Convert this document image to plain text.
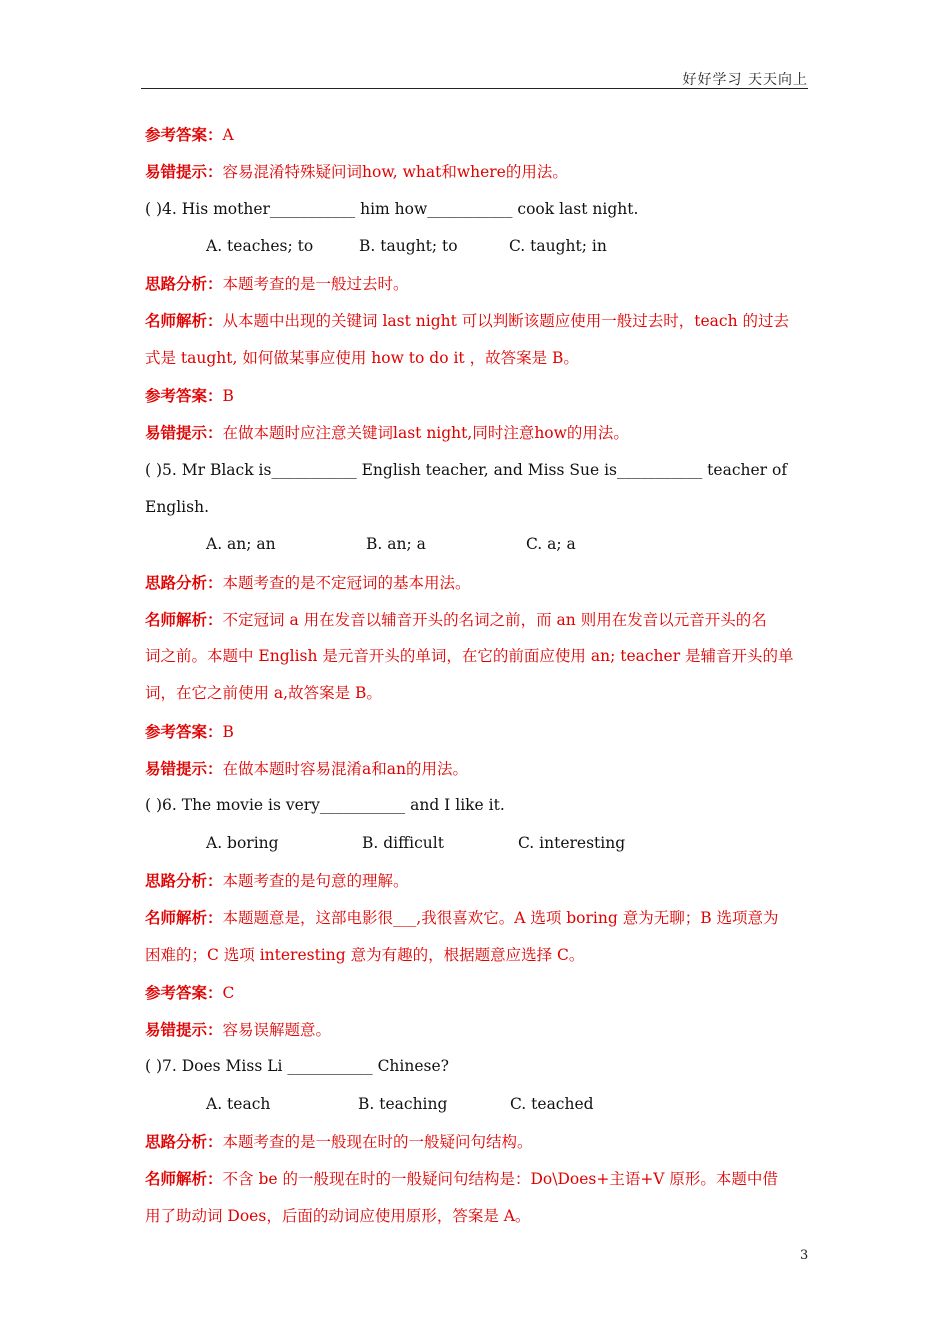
好好学习 天天向上
参考答案：A
易错提示：容易混淆特殊疑问词how, what和where的用法。
( )4. His mother___________ him how___________ cook last night.
A. teaches; to	B. taught; to	C. taught; in
思路分析：本题考查的是一般过去时。
名师解析：从本题中出现的关键词 last night 可以判断该题应使用一般过去时，teach 的过去
式是 taught, 如何做某事应使用 how to do it ，故答案是 B。
参考答案：B
易错提示：在做本题时应注意关键词last night,同时注意how的用法。
( )5. Mr Black is___________ English teacher, and Miss Sue is___________ teacher of
English.
A. an; an	B. an; a	C. a; a
思路分析：本题考查的是不定冠词的基本用法。
名师解析：不定冠词 a 用在发音以辅音开头的名词之前，而 an 则用在发音以元音开头的名
词之前。本题中 English 是元音开头的单词，在它的前面应使用 an; teacher 是辅音开头的单
词，在它之前使用 a,故答案是 B。
参考答案：B
易错提示：在做本题时容易混淆a和an的用法。
( )6. The movie is very___________ and I like it.
A. boring	B. difficult	C. interesting
思路分析：本题考查的是句意的理解。
名师解析：本题题意是，这部电影很___,我很喜欢它。A 选项 boring 意为无聊；B 选项意为
困难的；C 选项 interesting 意为有趣的，根据题意应选择 C。
参考答案：C
易错提示：容易误解题意。
( )7. Does Miss Li ___________ Chinese?
A. teach	B. teaching	C. teached
思路分析：本题考查的是一般现在时的一般疑问句结构。
名师解析：不含 be 的一般现在时的一般疑问句结构是：Do\Does+主语+V 原形。本题中借
用了助动词 Does，后面的动词应使用原形，答案是 A。
3
